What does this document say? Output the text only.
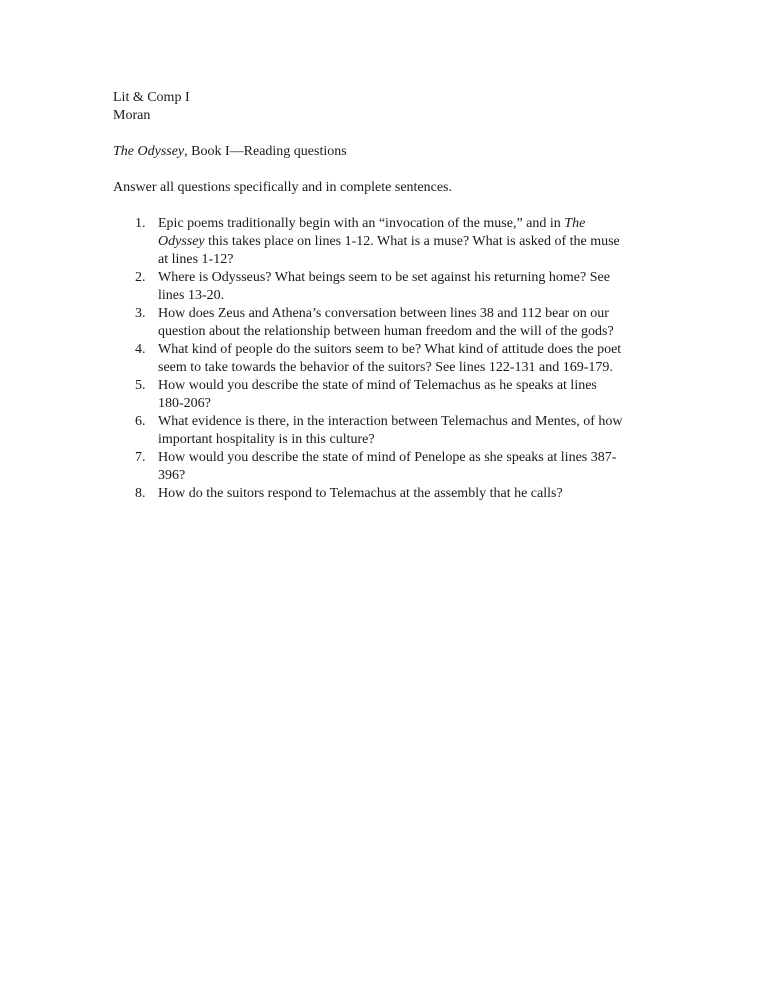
Lit & Comp I
Moran
The Odyssey, Book I—Reading questions
Answer all questions specifically and in complete sentences.
1. Epic poems traditionally begin with an “invocation of the muse,” and in The Odyssey this takes place on lines 1-12. What is a muse? What is asked of the muse at lines 1-12?
2. Where is Odysseus? What beings seem to be set against his returning home? See lines 13-20.
3. How does Zeus and Athena’s conversation between lines 38 and 112 bear on our question about the relationship between human freedom and the will of the gods?
4. What kind of people do the suitors seem to be? What kind of attitude does the poet seem to take towards the behavior of the suitors? See lines 122-131 and 169-179.
5. How would you describe the state of mind of Telemachus as he speaks at lines 180-206?
6. What evidence is there, in the interaction between Telemachus and Mentes, of how important hospitality is in this culture?
7. How would you describe the state of mind of Penelope as she speaks at lines 387-396?
8. How do the suitors respond to Telemachus at the assembly that he calls?
